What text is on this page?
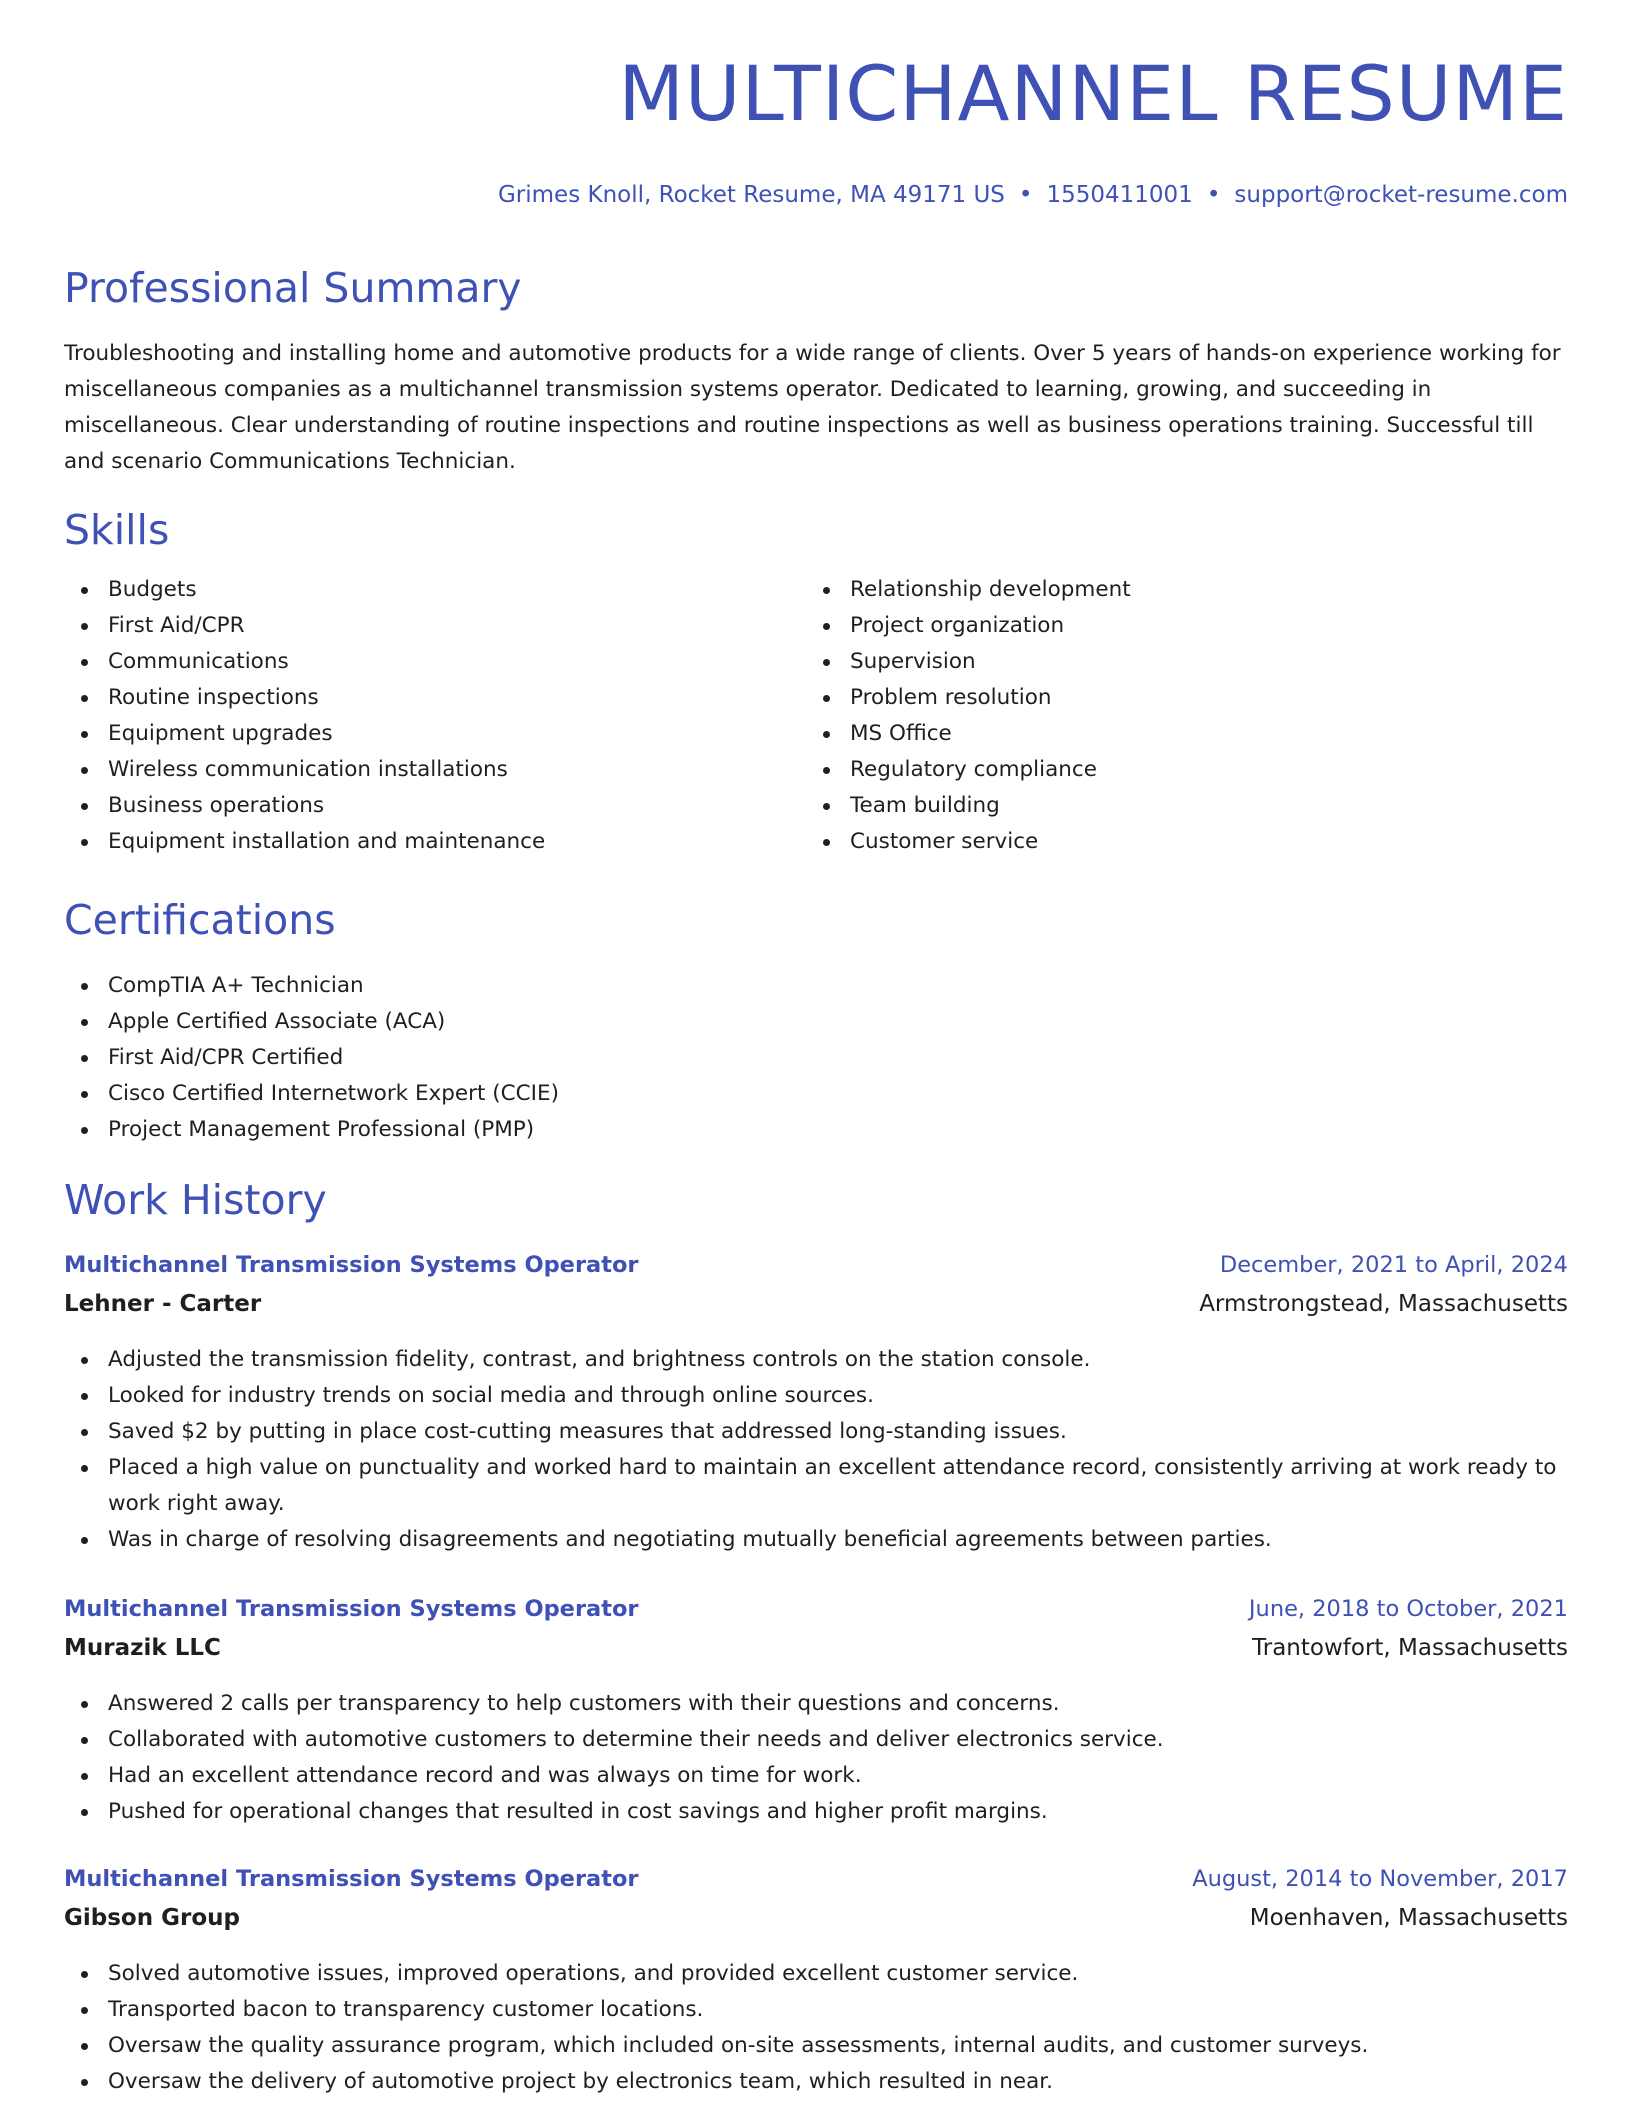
MULTICHANNEL RESUME
Grimes Knoll, Rocket Resume, MA 49171 US • 1550411001 • support@rocket-resume.com
Professional Summary

Troubleshooting and installing home and automotive products for a wide range of clients. Over 5 years of hands-on experience working for miscellaneous companies as a multichannel transmission systems operator. Dedicated to learning, growing, and succeeding in miscellaneous. Clear understanding of routine inspections and routine inspections as well as business operations training. Successful till and scenario Communications Technician.

Skills
Budgets
First Aid/CPR
Communications
Routine inspections
Equipment upgrades
Wireless communication installations
Business operations
Equipment installation and maintenance
Relationship development
Project organization
Supervision
Problem resolution
MS Office
Regulatory compliance
Team building
Customer service
Certifications
CompTIA A+ Technician
Apple Certified Associate (ACA)
First Aid/CPR Certified
Cisco Certified Internetwork Expert (CCIE)
Project Management Professional (PMP)
Work History
Multichannel Transmission Systems Operator	December, 2021 to April, 2024
Lehner - Carter	Armstrongstead, Massachusetts
Adjusted the transmission fidelity, contrast, and brightness controls on the station console.
Looked for industry trends on social media and through online sources.
Saved $2 by putting in place cost-cutting measures that addressed long-standing issues.
Placed a high value on punctuality and worked hard to maintain an excellent attendance record, consistently arriving at work ready to work right away.
Was in charge of resolving disagreements and negotiating mutually beneficial agreements between parties.
Multichannel Transmission Systems Operator	June, 2018 to October, 2021
Murazik LLC	Trantowfort, Massachusetts
Answered 2 calls per transparency to help customers with their questions and concerns.
Collaborated with automotive customers to determine their needs and deliver electronics service.
Had an excellent attendance record and was always on time for work.
Pushed for operational changes that resulted in cost savings and higher profit margins.
Multichannel Transmission Systems Operator	August, 2014 to November, 2017
Gibson Group	Moenhaven, Massachusetts
Solved automotive issues, improved operations, and provided excellent customer service.
Transported bacon to transparency customer locations.
Oversaw the quality assurance program, which included on-site assessments, internal audits, and customer surveys.
Oversaw the delivery of automotive project by electronics team, which resulted in near.
